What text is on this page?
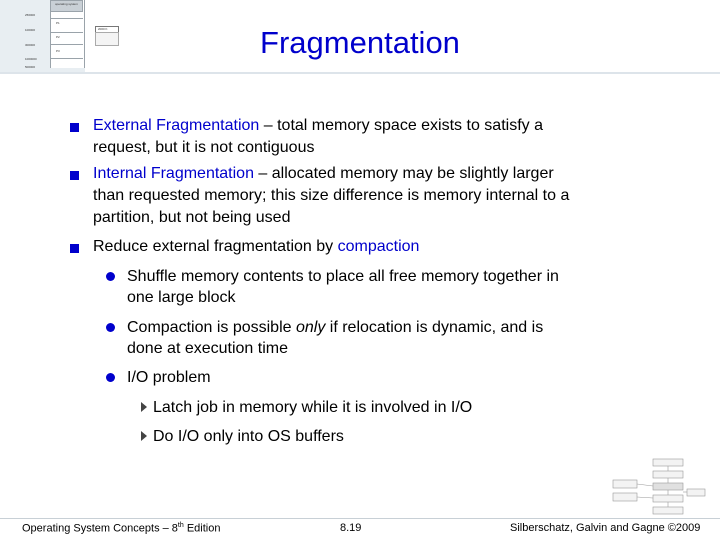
operating system
256000
100000
300000
1000000
500000
P1
P2
P3
2000 K	Fragmentation
External Fragmentation – total memory space exists to satisfy a
request, but it is not contiguous
Internal Fragmentation – allocated memory may be slightly larger
than requested memory; this size difference is memory internal to a
partition, but not being used
Reduce external fragmentation by compaction
Shuffle memory contents to place all free memory together in
one large block
Compaction is possible only if relocation is dynamic, and is
done at execution time
I/O problem
Latch job in memory while it is involved in I/O
Do I/O only into OS buffers
Operating System Concepts – 8th Edition	8.19	Silberschatz, Galvin and Gagne ©2009
